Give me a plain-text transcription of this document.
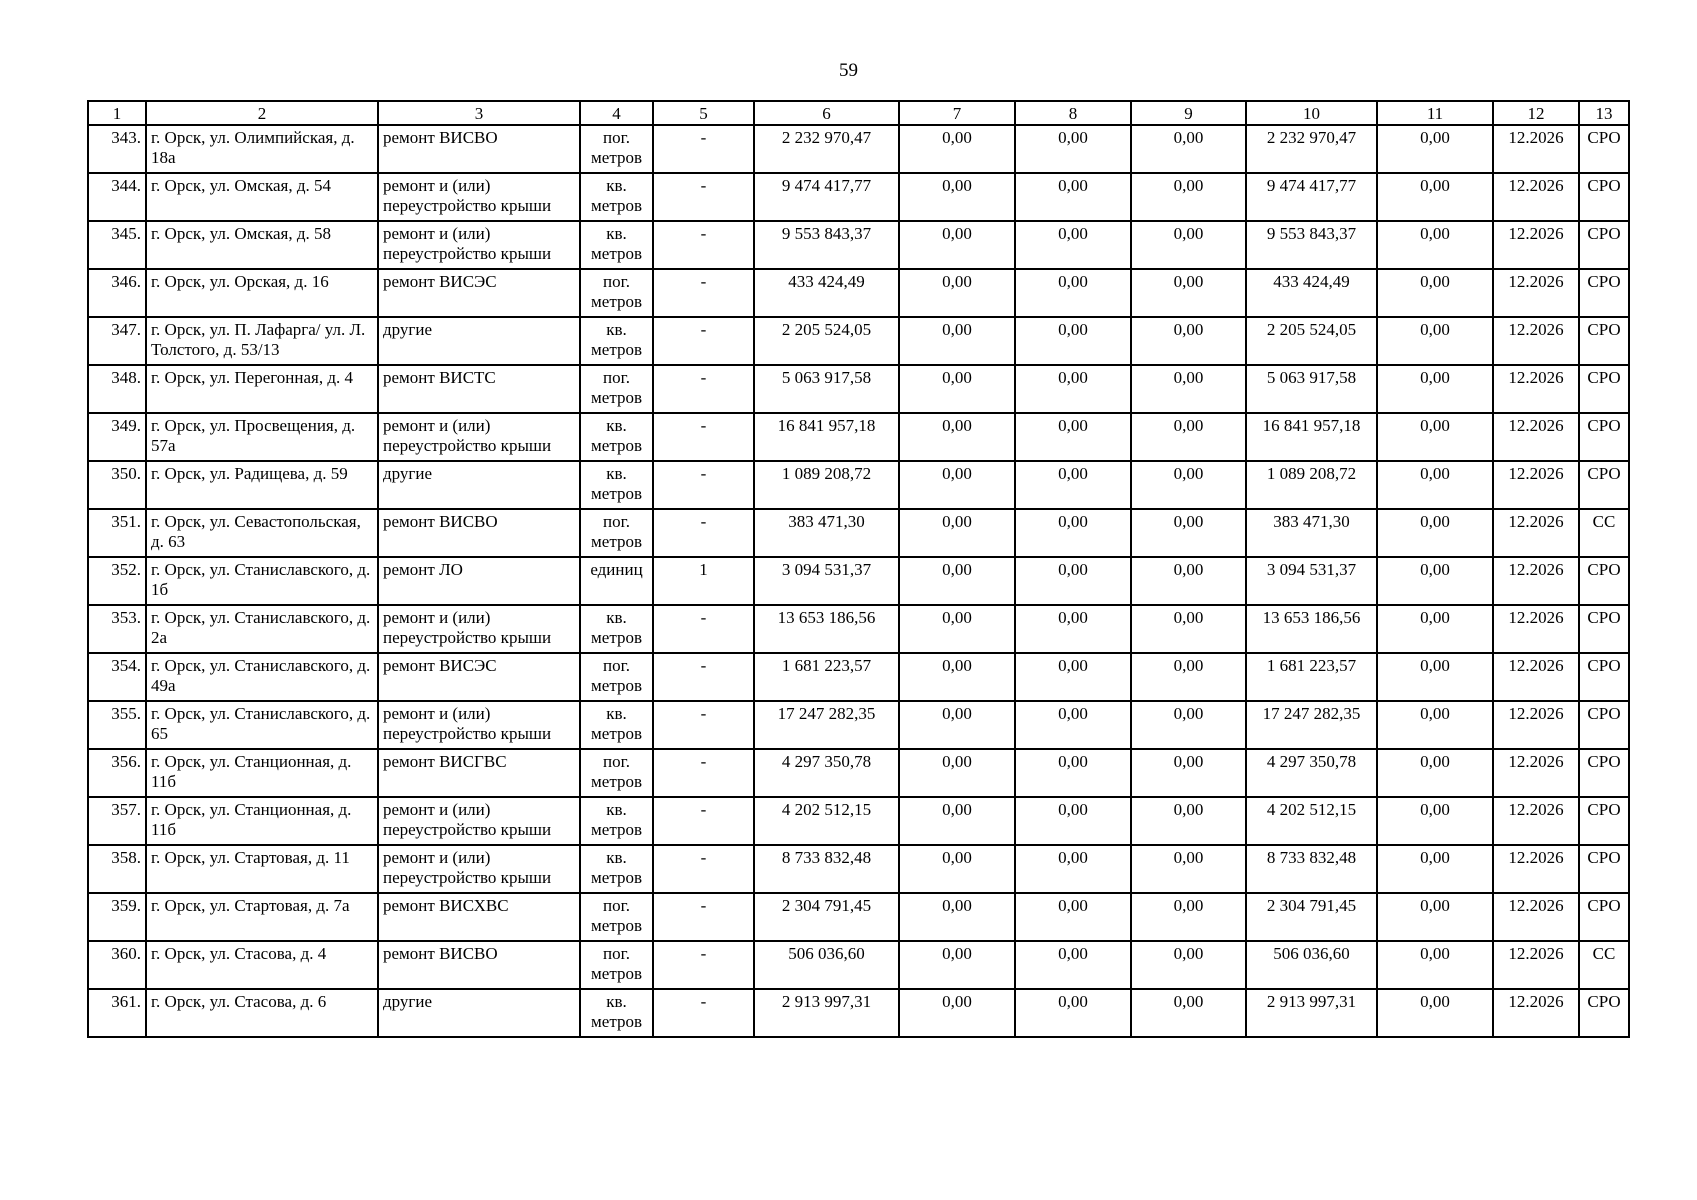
59
1	2	3	4	5	6	7	8	9	10	11	12	13
343.	г. Орск, ул. Олимпийская, д. 18а	ремонт ВИСВО	пог. метров	-	2 232 970,47	0,00	0,00	0,00	2 232 970,47	0,00	12.2026	СРО
344.	г. Орск, ул. Омская, д. 54	ремонт и (или) переустройство крыши	кв. метров	-	9 474 417,77	0,00	0,00	0,00	9 474 417,77	0,00	12.2026	СРО
345.	г. Орск, ул. Омская, д. 58	ремонт и (или) переустройство крыши	кв. метров	-	9 553 843,37	0,00	0,00	0,00	9 553 843,37	0,00	12.2026	СРО
346.	г. Орск, ул. Орская, д. 16	ремонт ВИСЭС	пог. метров	-	433 424,49	0,00	0,00	0,00	433 424,49	0,00	12.2026	СРО
347.	г. Орск, ул. П. Лафарга/ ул. Л. Толстого, д. 53/13	другие	кв. метров	-	2 205 524,05	0,00	0,00	0,00	2 205 524,05	0,00	12.2026	СРО
348.	г. Орск, ул. Перегонная, д. 4	ремонт ВИСТС	пог. метров	-	5 063 917,58	0,00	0,00	0,00	5 063 917,58	0,00	12.2026	СРО
349.	г. Орск, ул. Просвещения, д. 57а	ремонт и (или) переустройство крыши	кв. метров	-	16 841 957,18	0,00	0,00	0,00	16 841 957,18	0,00	12.2026	СРО
350.	г. Орск, ул. Радищева, д. 59	другие	кв. метров	-	1 089 208,72	0,00	0,00	0,00	1 089 208,72	0,00	12.2026	СРО
351.	г. Орск, ул. Севастопольская, д. 63	ремонт ВИСВО	пог. метров	-	383 471,30	0,00	0,00	0,00	383 471,30	0,00	12.2026	СС
352.	г. Орск, ул. Станиславского, д. 1б	ремонт ЛО	единиц	1	3 094 531,37	0,00	0,00	0,00	3 094 531,37	0,00	12.2026	СРО
353.	г. Орск, ул. Станиславского, д. 2а	ремонт и (или) переустройство крыши	кв. метров	-	13 653 186,56	0,00	0,00	0,00	13 653 186,56	0,00	12.2026	СРО
354.	г. Орск, ул. Станиславского, д. 49а	ремонт ВИСЭС	пог. метров	-	1 681 223,57	0,00	0,00	0,00	1 681 223,57	0,00	12.2026	СРО
355.	г. Орск, ул. Станиславского, д. 65	ремонт и (или) переустройство крыши	кв. метров	-	17 247 282,35	0,00	0,00	0,00	17 247 282,35	0,00	12.2026	СРО
356.	г. Орск, ул. Станционная, д. 11б	ремонт ВИСГВС	пог. метров	-	4 297 350,78	0,00	0,00	0,00	4 297 350,78	0,00	12.2026	СРО
357.	г. Орск, ул. Станционная, д. 11б	ремонт и (или) переустройство крыши	кв. метров	-	4 202 512,15	0,00	0,00	0,00	4 202 512,15	0,00	12.2026	СРО
358.	г. Орск, ул. Стартовая, д. 11	ремонт и (или) переустройство крыши	кв. метров	-	8 733 832,48	0,00	0,00	0,00	8 733 832,48	0,00	12.2026	СРО
359.	г. Орск, ул. Стартовая, д. 7а	ремонт ВИСХВС	пог. метров	-	2 304 791,45	0,00	0,00	0,00	2 304 791,45	0,00	12.2026	СРО
360.	г. Орск, ул. Стасова, д. 4	ремонт ВИСВО	пог. метров	-	506 036,60	0,00	0,00	0,00	506 036,60	0,00	12.2026	СС
361.	г. Орск, ул. Стасова, д. 6	другие	кв. метров	-	2 913 997,31	0,00	0,00	0,00	2 913 997,31	0,00	12.2026	СРО
